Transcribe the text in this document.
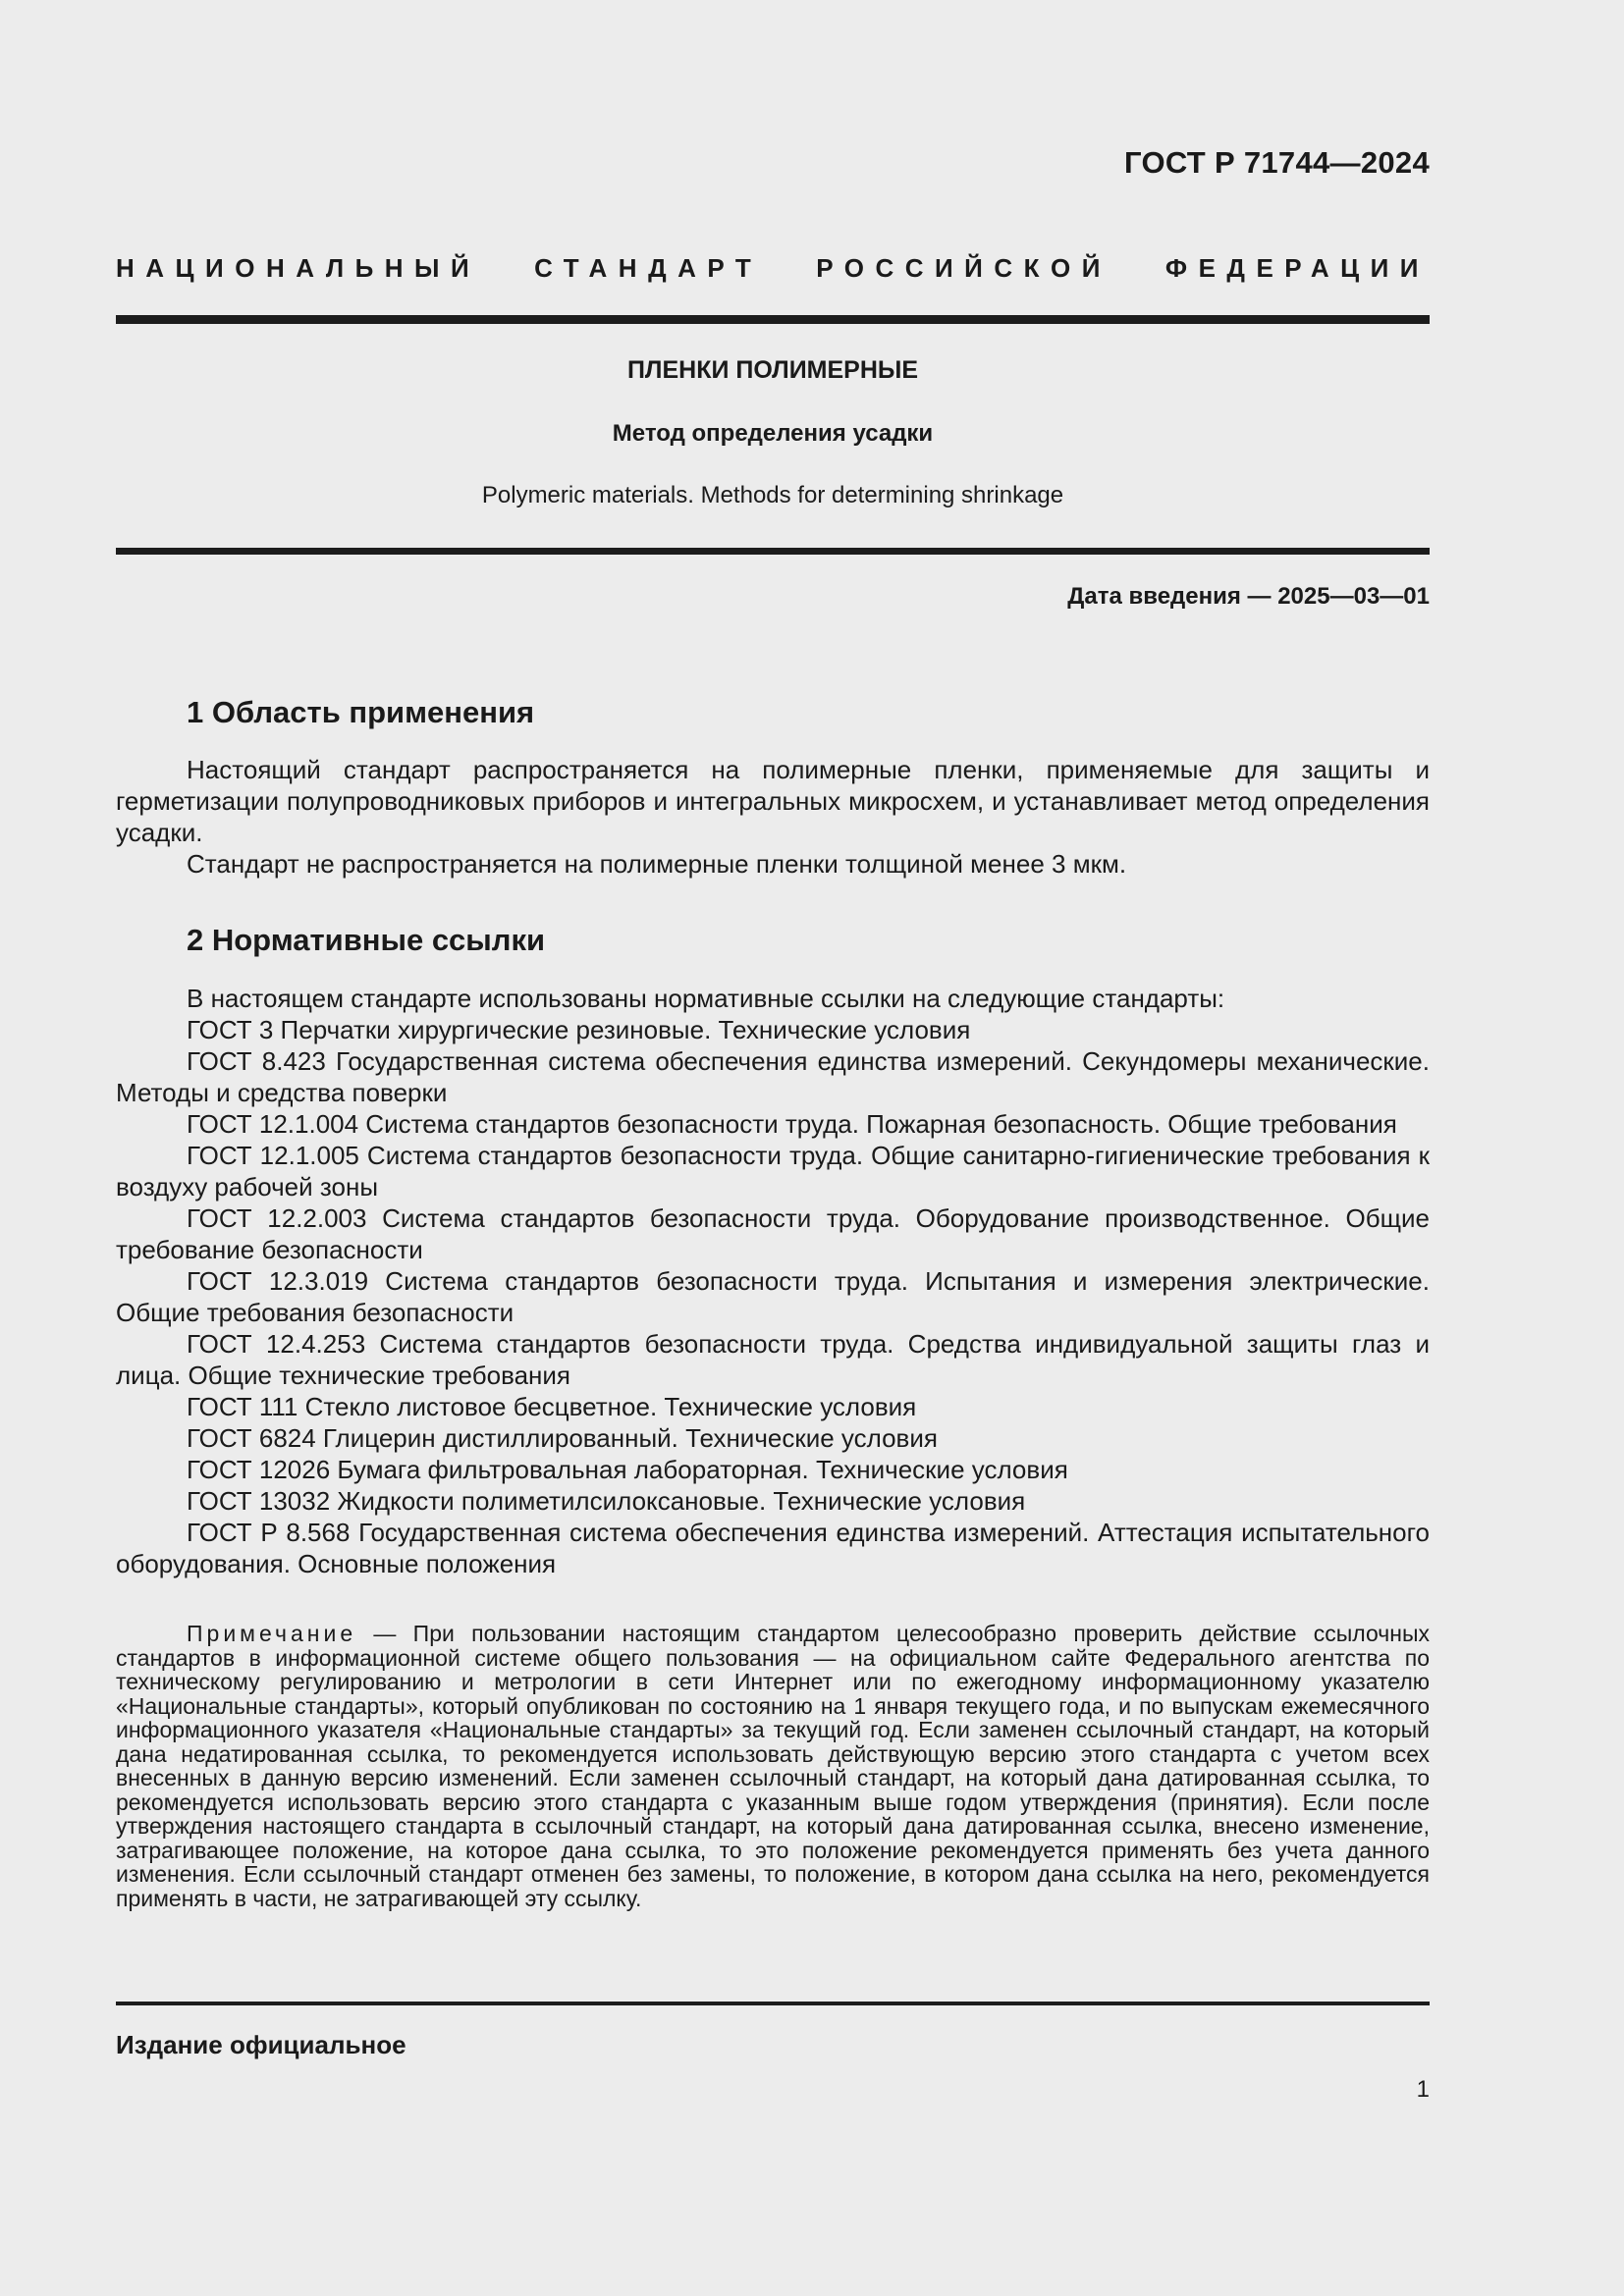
ГОСТ Р 71744—2024
НАЦИОНАЛЬНЫЙ СТАНДАРТ РОССИЙСКОЙ ФЕДЕРАЦИИ
ПЛЕНКИ ПОЛИМЕРНЫЕ
Метод определения усадки
Polymeric materials. Methods for determining shrinkage
Дата введения — 2025—03—01
1 Область применения

Настоящий стандарт распространяется на полимерные пленки, применяемые для защиты и герметизации полупроводниковых приборов и интегральных микросхем, и устанавливает метод определения усадки.

Стандарт не распространяется на полимерные пленки толщиной менее 3 мкм.

2 Нормативные ссылки

В настоящем стандарте использованы нормативные ссылки на следующие стандарты:

ГОСТ 3 Перчатки хирургические резиновые. Технические условия

ГОСТ 8.423 Государственная система обеспечения единства измерений. Секундомеры механические. Методы и средства поверки

ГОСТ 12.1.004 Система стандартов безопасности труда. Пожарная безопасность. Общие требования

ГОСТ 12.1.005 Система стандартов безопасности труда. Общие санитарно-гигиенические требования к воздуху рабочей зоны

ГОСТ 12.2.003 Система стандартов безопасности труда. Оборудование производственное. Общие требование безопасности

ГОСТ 12.3.019 Система стандартов безопасности труда. Испытания и измерения электрические. Общие требования безопасности

ГОСТ 12.4.253 Система стандартов безопасности труда. Средства индивидуальной защиты глаз и лица. Общие технические требования

ГОСТ 111 Стекло листовое бесцветное. Технические условия

ГОСТ 6824 Глицерин дистиллированный. Технические условия

ГОСТ 12026 Бумага фильтровальная лабораторная. Технические условия

ГОСТ 13032 Жидкости полиметилсилоксановые. Технические условия

ГОСТ Р 8.568 Государственная система обеспечения единства измерений. Аттестация испытательного оборудования. Основные положения

Примечание — При пользовании настоящим стандартом целесообразно проверить действие ссылочных стандартов в информационной системе общего пользования — на официальном сайте Федерального агентства по техническому регулированию и метрологии в сети Интернет или по ежегодному информационному указателю «Национальные стандарты», который опубликован по состоянию на 1 января текущего года, и по выпускам ежемесячного информационного указателя «Национальные стандарты» за текущий год. Если заменен ссылочный стандарт, на который дана недатированная ссылка, то рекомендуется использовать действующую версию этого стандарта с учетом всех внесенных в данную версию изменений. Если заменен ссылочный стандарт, на который дана датированная ссылка, то рекомендуется использовать версию этого стандарта с указанным выше годом утверждения (принятия). Если после утверждения настоящего стандарта в ссылочный стандарт, на который дана датированная ссылка, внесено изменение, затрагивающее положение, на которое дана ссылка, то это положение рекомендуется применять без учета данного изменения. Если ссылочный стандарт отменен без замены, то положение, в котором дана ссылка на него, рекомендуется применять в части, не затрагивающей эту ссылку.

Издание официальное
1
